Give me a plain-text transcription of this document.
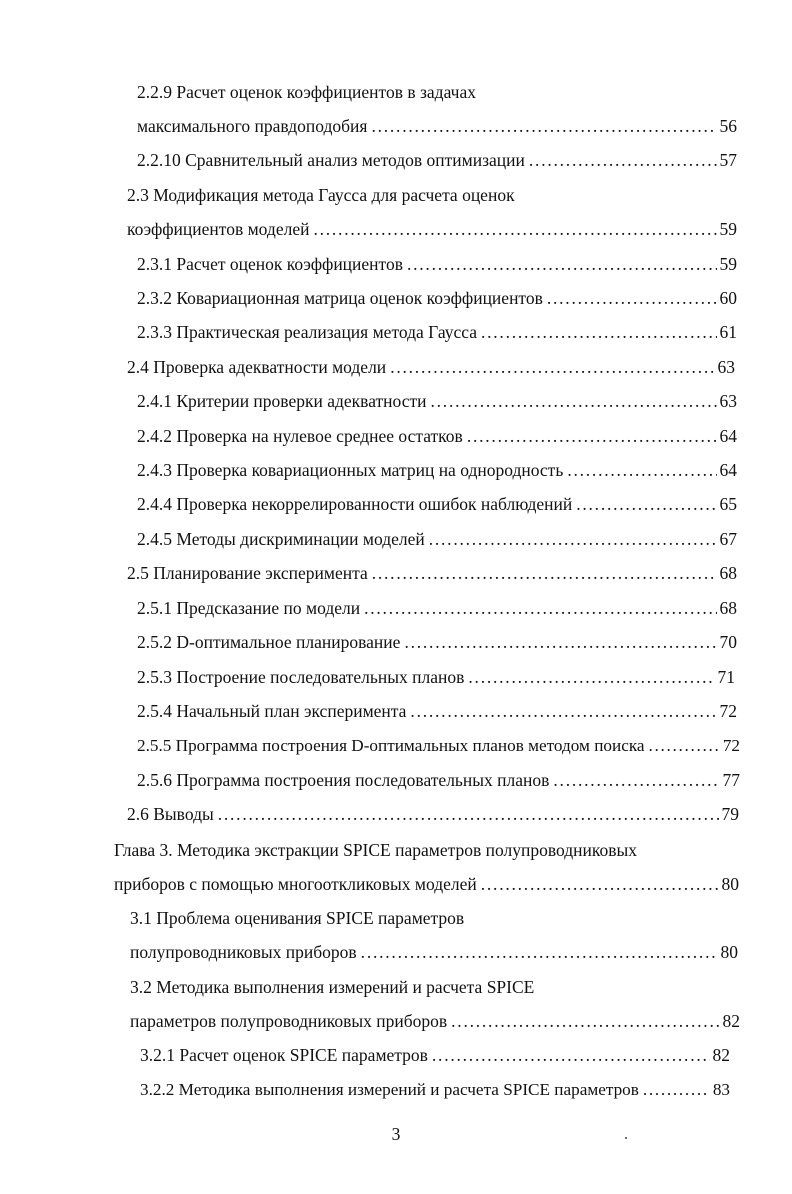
2.2.9 Расчет оценок коэффициентов в задачах
максимального правдоподобия . . .	56
2.2.10 Сравнительный анализ методов оптимизации . . .	57
2.3 Модификация метода Гаусса для расчета оценок
коэффициентов моделей . . .	59
2.3.1 Расчет оценок коэффициентов . . .	59
2.3.2 Ковариационная матрица оценок коэффициентов . . .	60
2.3.3 Практическая реализация метода Гаусса . . .	61
2.4 Проверка адекватности модели . . .	63
2.4.1 Критерии проверки адекватности . . .	63
2.4.2 Проверка на нулевое среднее остатков . . .	64
2.4.3 Проверка ковариационных матриц на однородность . . .	64
2.4.4 Проверка некоррелированности ошибок наблюдений . . .	65
2.4.5 Методы дискриминации моделей . . .	67
2.5 Планирование эксперимента . . .	68
2.5.1 Предсказание по модели . . .	68
2.5.2 D-оптимальное планирование . . .	70
2.5.3 Построение последовательных планов . . .	71
2.5.4 Начальный план эксперимента . . .	72
2.5.5 Программа построения D-оптимальных планов методом поиска . . .	72
2.5.6 Программа построения последовательных планов . . .	77
2.6 Выводы . . .	79
Глава 3. Методика экстракции SPICE параметров полупроводниковых
приборов с помощью многооткликовых моделей . . .	80
3.1 Проблема оценивания SPICE параметров
полупроводниковых приборов . . .	80
3.2 Методика выполнения измерений и расчета SPICE
параметров полупроводниковых приборов . . .	82
3.2.1 Расчет оценок SPICE параметров . . .	82
3.2.2 Методика выполнения измерений и расчета SPICE параметров . . .	83
3
